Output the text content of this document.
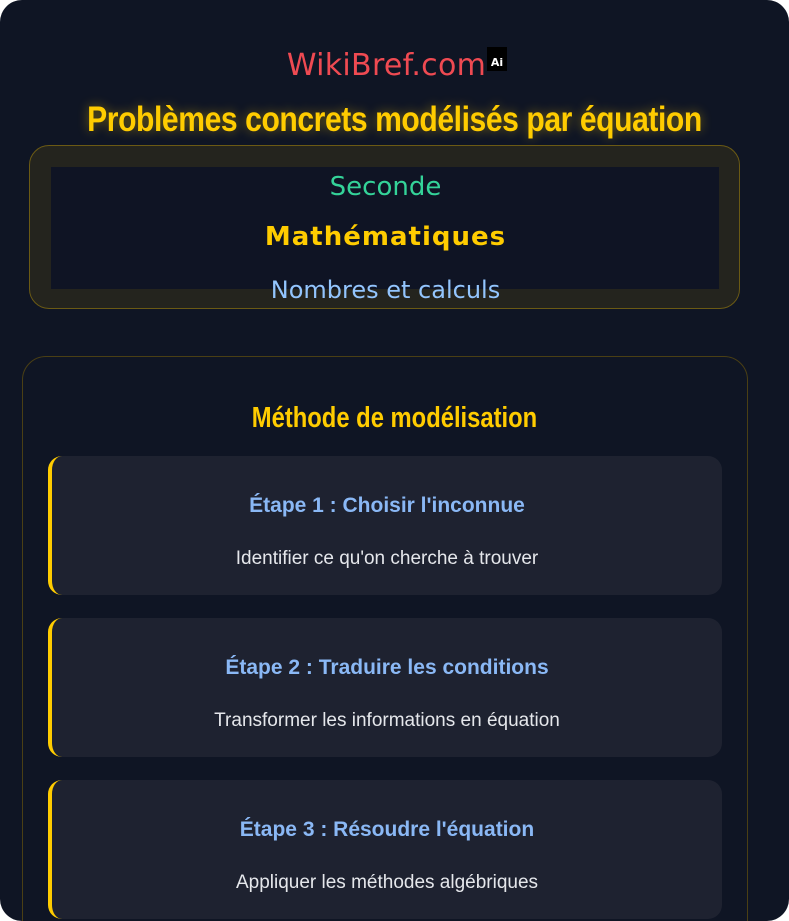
WikiBref.com Ai
Problèmes concrets modélisés par équation
Seconde
Mathématiques
Nombres et calculs
Méthode de modélisation
Étape 1 : Choisir l'inconnue
Identifier ce qu'on cherche à trouver
Étape 2 : Traduire les conditions
Transformer les informations en équation
Étape 3 : Résoudre l'équation
Appliquer les méthodes algébriques
